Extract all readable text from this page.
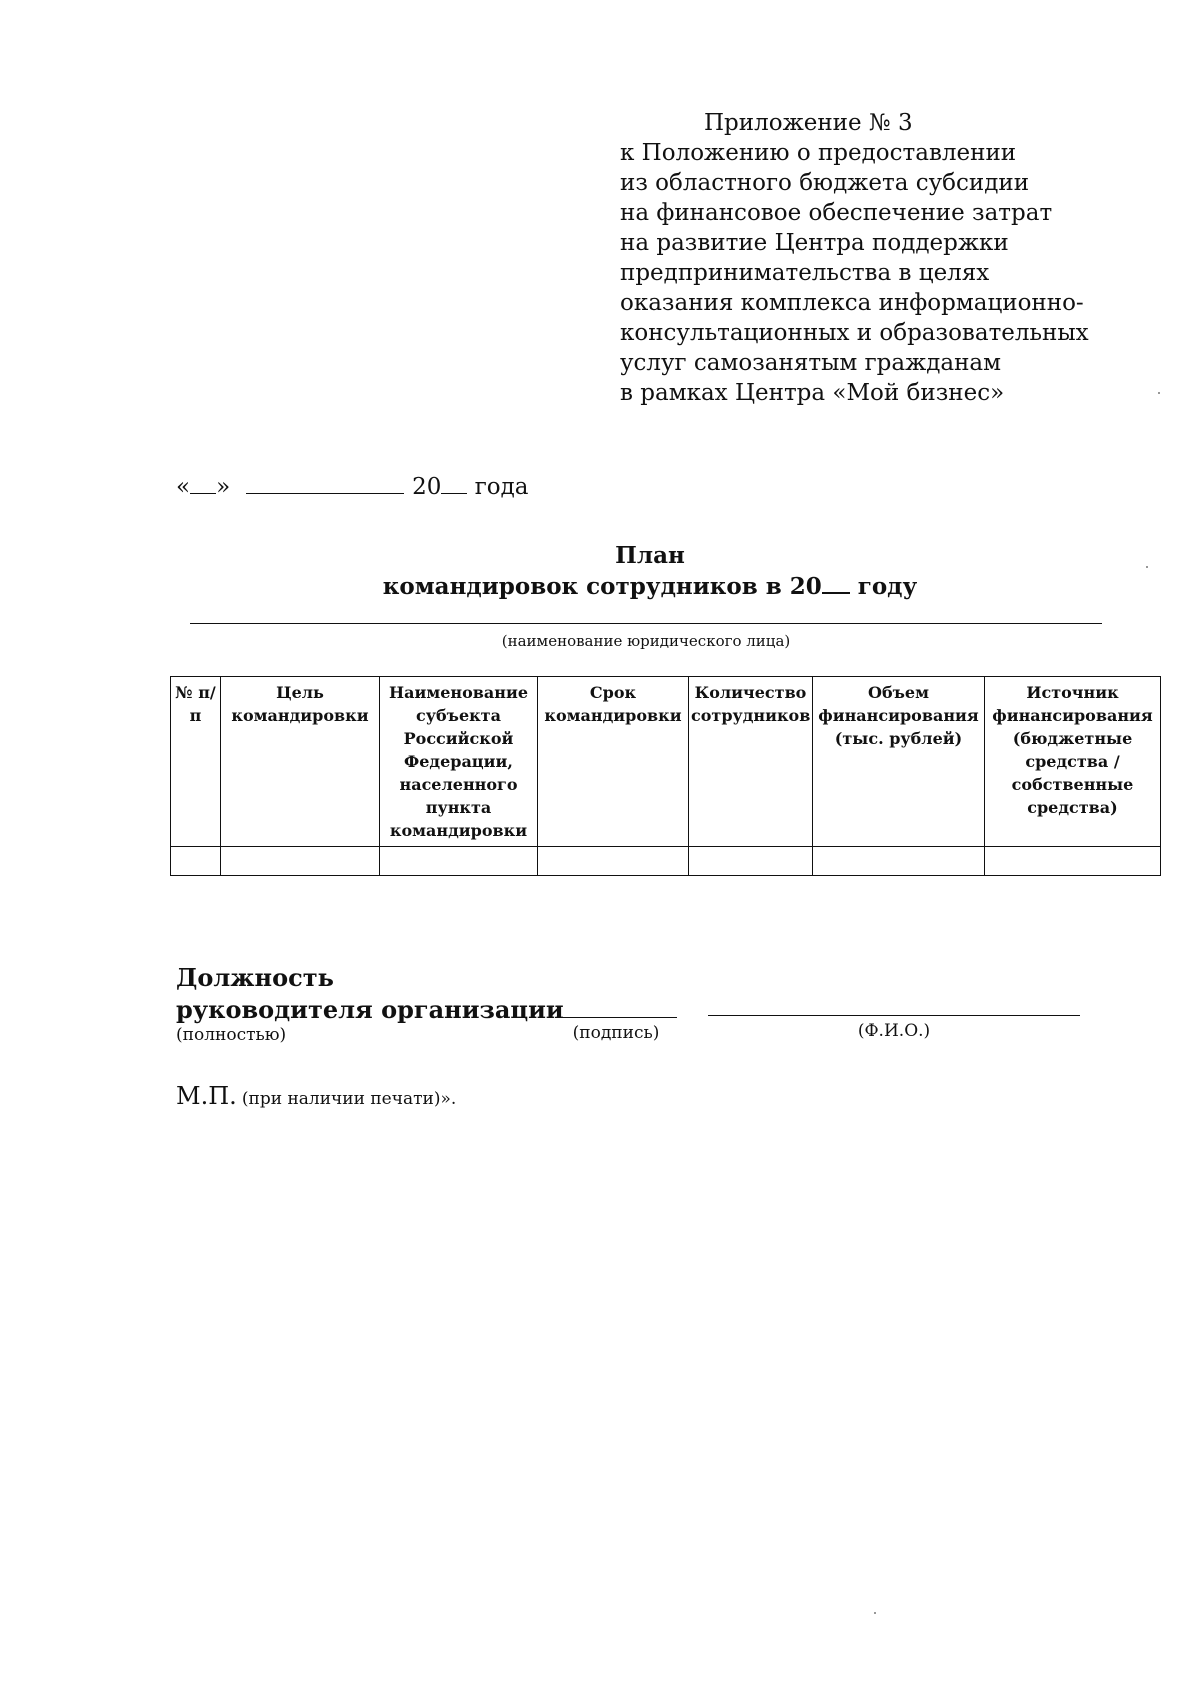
Приложение № 3
к Положению о предоставлении
из областного бюджета субсидии
на финансовое обеспечение затрат
на развитие Центра поддержки
предпринимательства в целях
оказания комплекса информационно-
консультационных и образовательных
услуг самозанятым гражданам
в рамках Центра «Мой бизнес»
« »	20 года
План
командировок сотрудников в 20 году
(наименование юридического лица)
№ п/п	Цель командировки	Наименование субъекта Российской Федерации, населенного пункта командировки	Срок командировки	Количество сотрудников	Объем финансирования (тыс. рублей)	Источник финансирования (бюджетные средства / собственные средства)

Должность
руководителя организации
(полностью)	(подпись)	(Ф.И.О.)
М.П. (при наличии печати)».
